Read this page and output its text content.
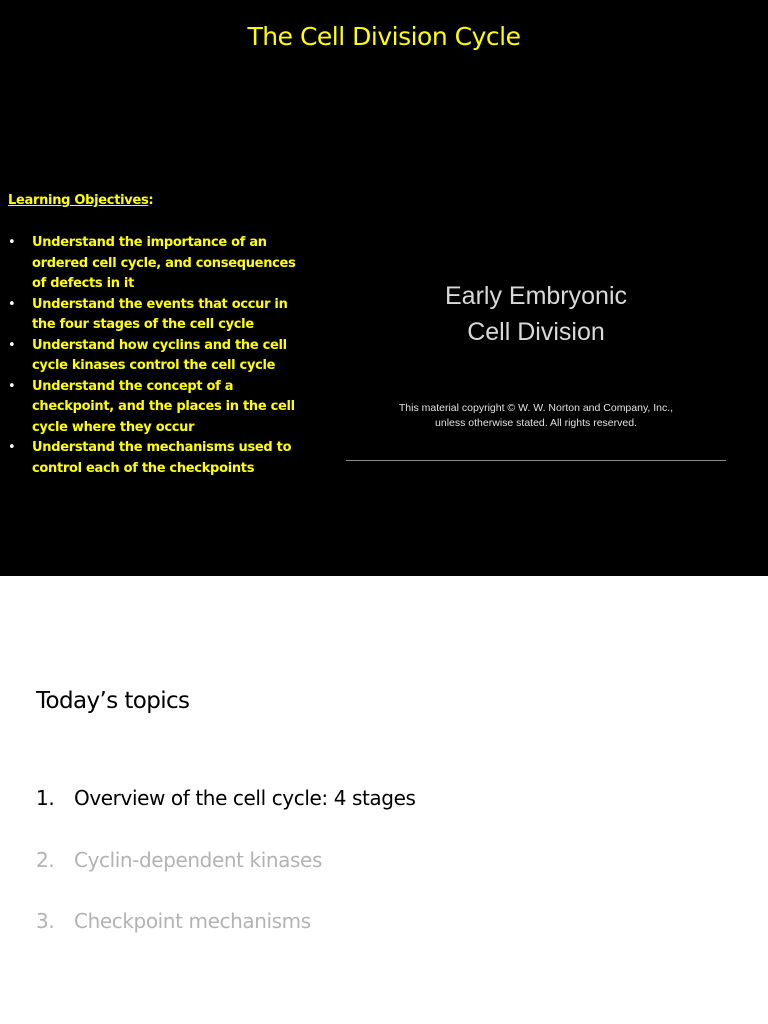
The Cell Division Cycle
Learning Objectives:
• Understand the importance of an ordered cell cycle, and consequences of defects in it
• Understand the events that occur in the four stages of the cell cycle
• Understand how cyclins and the cell cycle kinases control the cell cycle
• Understand the concept of a checkpoint, and the places in the cell cycle where they occur
• Understand the mechanisms used to control each of the checkpoints
Early Embryonic
Cell Division
This material copyright © W. W. Norton and Company, Inc.,
unless otherwise stated. All rights reserved.
Today’s topics
1. Overview of the cell cycle: 4 stages
2. Cyclin-dependent kinases
3. Checkpoint mechanisms
